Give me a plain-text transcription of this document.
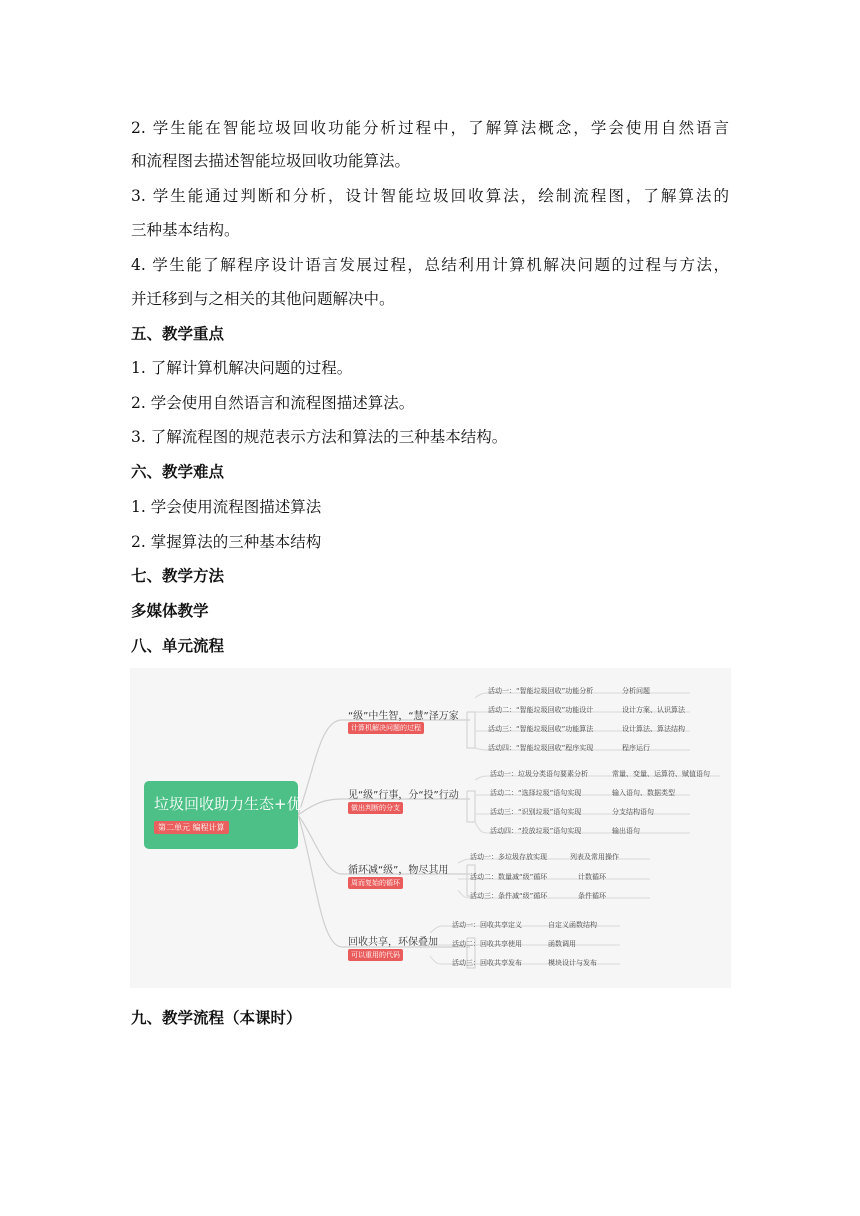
2. 学生能在智能垃圾回收功能分析过程中，了解算法概念，学会使用自然语言
和流程图去描述智能垃圾回收功能算法。
3. 学生能通过判断和分析，设计智能垃圾回收算法，绘制流程图，了解算法的
三种基本结构。
4. 学生能了解程序设计语言发展过程，总结利用计算机解决问题的过程与方法，
并迁移到与之相关的其他问题解决中。
五、教学重点
1. 了解计算机解决问题的过程。
2. 学会使用自然语言和流程图描述算法。
3. 了解流程图的规范表示方法和算法的三种基本结构。
六、教学难点
1. 学会使用流程图描述算法
2. 掌握算法的三种基本结构
七、教学方法
多媒体教学
八、单元流程
垃圾回收助力生态+优
第二单元 编程计算
“级”中生智，“慧”泽万家
计算机解决问题的过程
活动一：“智能垃圾回收”功能分析	分析问题
活动二：“智能垃圾回收”功能设计	设计方案、认识算法
活动三：“智能垃圾回收”功能算法	设计算法、算法结构
活动四：“智能垃圾回收”程序实现	程序运行
见“级”行事，分“投”行动
做出判断的分支
活动一：垃圾分类语句要素分析	常量、变量、运算符、赋值语句
活动二：“选择垃圾”语句实现	输入语句、数据类型
活动三：“识别垃圾”语句实现	分支结构语句
活动四：“投放垃圾”语句实现	输出语句
循环减“级”，物尽其用
周而复始的循环
活动一：多垃圾存放实现	列表及常用操作
活动二：数量减“级”循环	计数循环
活动三：条件减“级”循环	条件循环
回收共享，环保叠加
可以重用的代码
活动一：回收共享定义	自定义函数结构
活动二：回收共享使用	函数调用
活动三：回收共享发布	模块设计与发布
九、教学流程（本课时）
